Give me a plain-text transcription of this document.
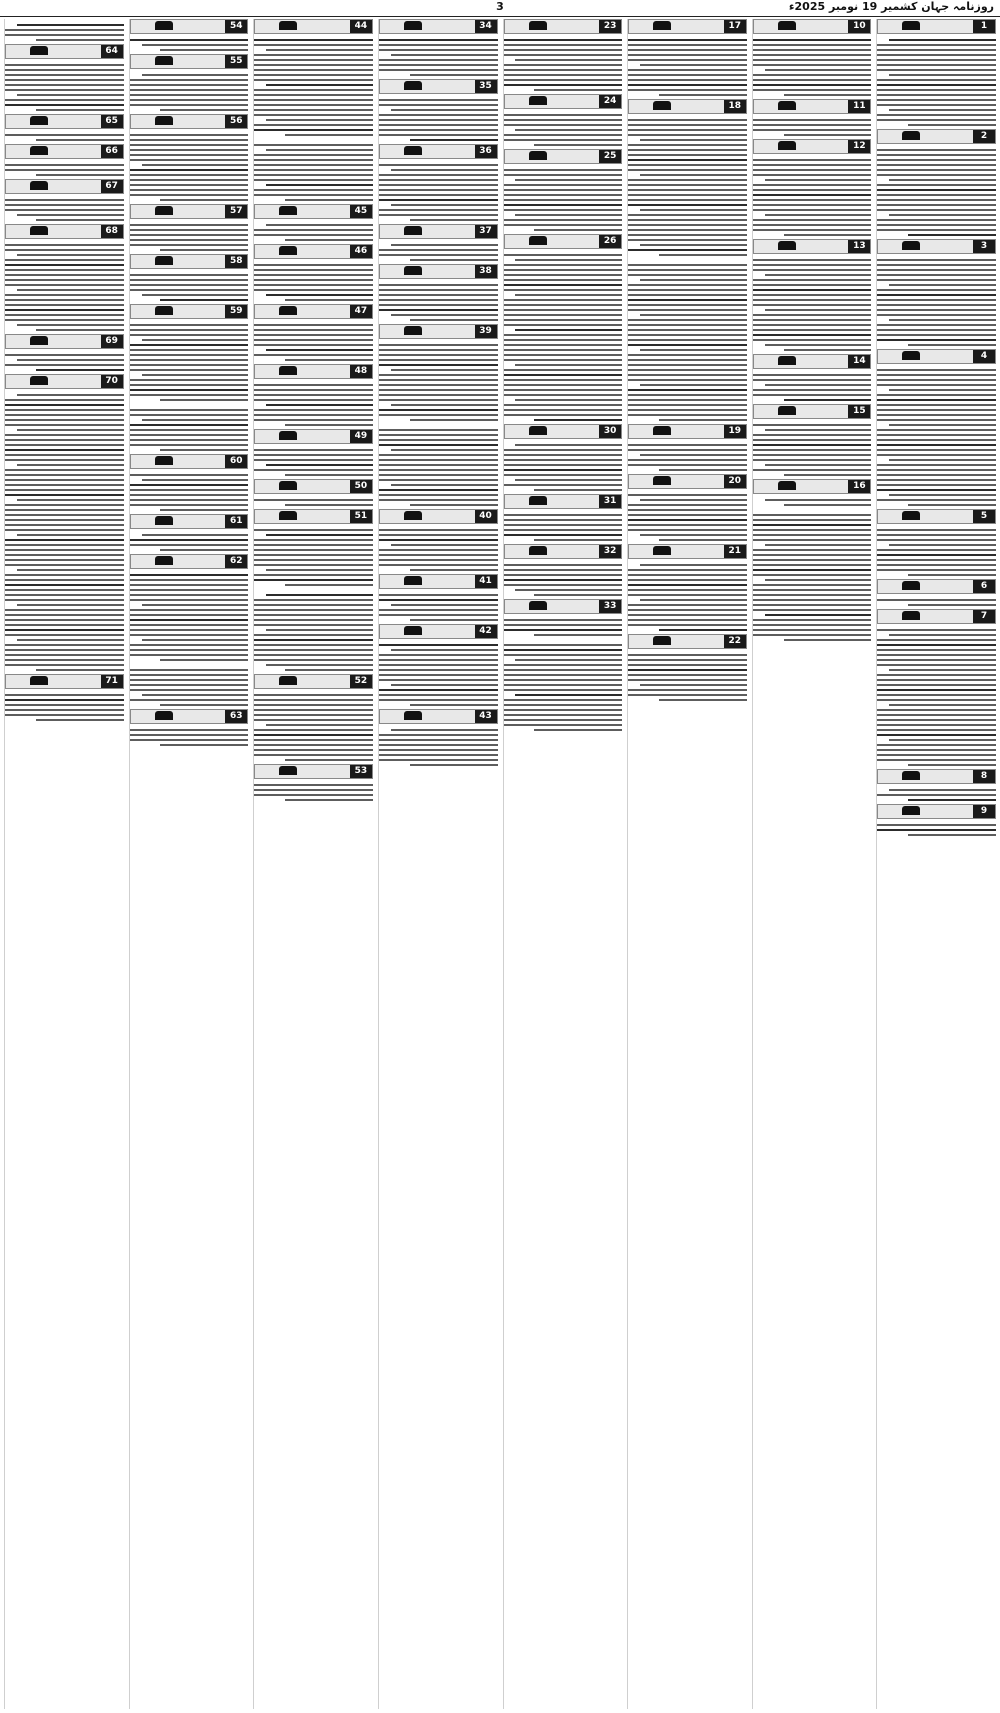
3	روزنامہ جہان کشمیر 19 نومبر 2025ء
1
2
3
4
5
6
7
8
9
10
11
12
13
14
15
16
17
18
19
20
21
22
23
24
25
26
30
31
32
33
34
35
36
37
38
39
40
41
42
43
44
45
46
47
48
49
50
51
52
53
54
55
56
57
58
59
60
61
62
63
64
65
66
67
68
69
70
71
